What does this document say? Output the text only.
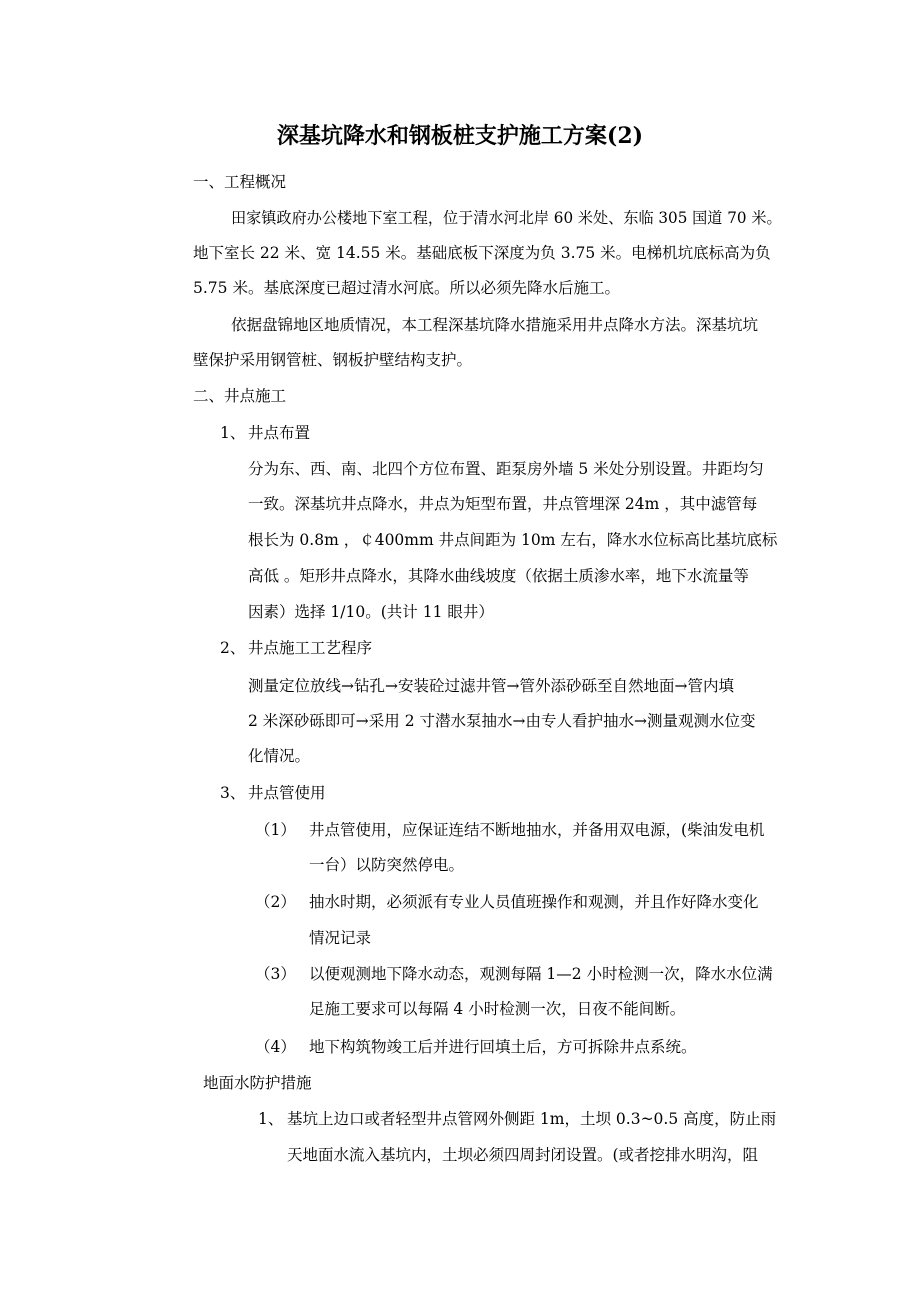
深基坑降水和钢板桩支护施工方案(2)
一、工程概况
田家镇政府办公楼地下室工程，位于清水河北岸 60 米处、东临 305 国道 70 米。
地下室长 22 米、宽 14.55 米。基础底板下深度为负 3.75 米。电梯机坑底标高为负
5.75 米。基底深度已超过清水河底。所以必须先降水后施工。
依据盘锦地区地质情况，本工程深基坑降水措施采用井点降水方法。深基坑坑
壁保护采用钢管桩、钢板护壁结构支护。
二、井点施工
1、 井点布置
分为东、西、南、北四个方位布置、距泵房外墙 5 米处分别设置。井距均匀
一致。深基坑井点降水，井点为矩型布置，井点管埋深 24m ，其中滤管每
根长为 0.8m ，￠400mm 井点间距为 10m 左右，降水水位标高比基坑底标
高低 。矩形井点降水，其降水曲线坡度（依据土质渗水率，地下水流量等
因素）选择 1/10。(共计 11 眼井）
2、 井点施工工艺程序
测量定位放线→钻孔→安装砼过滤井管→管外添砂砾至自然地面→管内填
2 米深砂砾即可→采用 2 寸潜水泵抽水→由专人看护抽水→测量观测水位变
化情况。
3、 井点管使用
（1） 井点管使用，应保证连结不断地抽水，并备用双电源，(柴油发电机
一台）以防突然停电。
（2） 抽水时期，必须派有专业人员值班操作和观测，并且作好降水变化
情况记录
（3） 以便观测地下降水动态，观测每隔 1—2 小时检测一次，降水水位满
足施工要求可以每隔 4 小时检测一次，日夜不能间断。
（4） 地下构筑物竣工后并进行回填土后，方可拆除井点系统。
地面水防护措施
1、 基坑上边口或者轻型井点管网外侧距 1m，土坝 0.3~0.5 高度，防止雨
天地面水流入基坑内，土坝必须四周封闭设置。(或者挖排水明沟，阻
